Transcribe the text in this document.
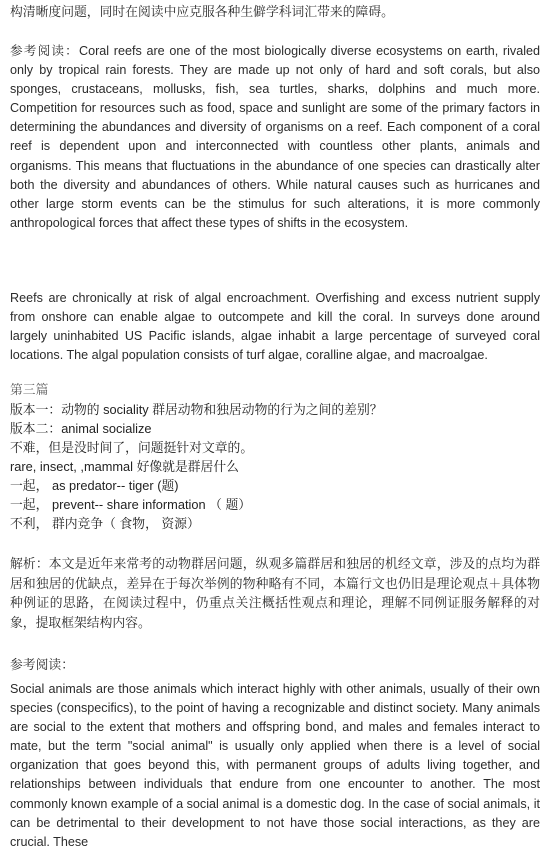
构清晰度问题，同时在阅读中应克服各种生僻学科词汇带来的障碍。

参考阅读：Coral reefs are one of the most biologically diverse ecosystems on earth, rivaled only by tropical rain forests. They are made up not only of hard and soft corals, but also sponges, crustaceans, mollusks, fish, sea turtles, sharks, dolphins and much more. Competition for resources such as food, space and sunlight are some of the primary factors in determining the abundances and diversity of organisms on a reef. Each component of a coral reef is dependent upon and interconnected with countless other plants, animals and organisms. This means that fluctuations in the abundance of one species can drastically alter both the diversity and abundances of others. While natural causes such as hurricanes and other large storm events can be the stimulus for such alterations, it is more commonly anthropological forces that affect these types of shifts in the ecosystem.

Reefs are chronically at risk of algal encroachment. Overfishing and excess nutrient supply from onshore can enable algae to outcompete and kill the coral. In surveys done around largely uninhabited US Pacific islands, algae inhabit a large percentage of surveyed coral locations. The algal population consists of turf algae, coralline algae, and macroalgae.

第三篇

版本一：动物的 sociality 群居动物和独居动物的行为之间的差别？
版本二：animal socialize
不难，但是没时间了，问题挺针对文章的。
rare, insect, ,mammal 好像就是群居什么
一起， as predator-- tiger (题)
一起， prevent-- share information （ 题）
不利， 群内竞争（ 食物， 资源）

解析：本文是近年来常考的动物群居问题，纵观多篇群居和独居的机经文章，涉及的点均为群居和独居的优缺点，差异在于每次举例的物种略有不同，本篇行文也仍旧是理论观点＋具体物种例证的思路，在阅读过程中，仍重点关注概括性观点和理论，理解不同例证服务解释的对象，提取框架结构内容。

参考阅读：

Social animals are those animals which interact highly with other animals, usually of their own species (conspecifics), to the point of having a recognizable and distinct society. Many animals are social to the extent that mothers and offspring bond, and males and females interact to mate, but the term "social animal" is usually only applied when there is a level of social organization that goes beyond this, with permanent groups of adults living together, and relationships between individuals that endure from one encounter to another. The most commonly known example of a social animal is a domestic dog. In the case of social animals, it can be detrimental to their development to not have those social interactions, as they are crucial. These
